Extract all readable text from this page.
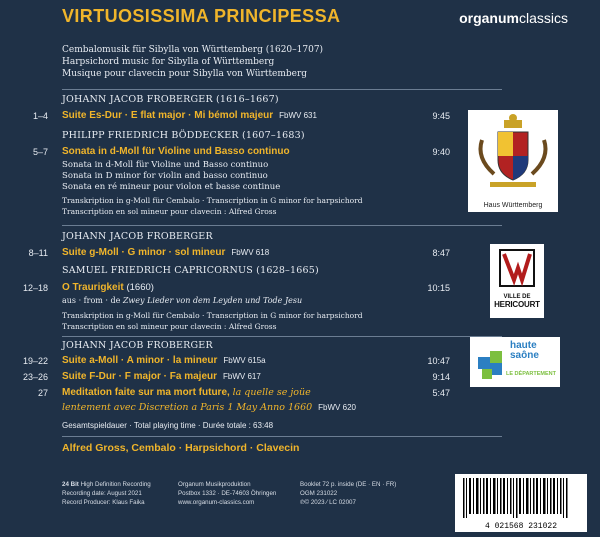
VIRTUOSISSIMA PRINCIPESSA	organumclassics
Cembalomusik für Sibylla von Württemberg (1620–1707)
Harpsichord music for Sibylla of Württemberg
Musique pour clavecin pour Sibylla von Württemberg
JOHANN JACOB FROBERGER (1616–1667)
1–4 Suite Es-Dur · E flat major · Mi bémol majeur FbWV 631	9:45
PHILIPP FRIEDRICH BÖDDECKER (1607–1683)
5–7 Sonata in d-Moll für Violine und Basso continuo	9:40
Sonata in d-Moll für Violine und Basso continuo
Sonata in D minor for violin and basso continuo
Sonata en ré mineur pour violon et basse continue
Transkription in g-Moll für Cembalo · Transcription in G minor for harpsichord
Transcription en sol mineur pour clavecin : Alfred Gross
JOHANN JACOB FROBERGER
8–11 Suite g-Moll · G minor · sol mineur FbWV 618	8:47
SAMUEL FRIEDRICH CAPRICORNUS (1628–1665)
12–18 O Traurigkeit (1660)	10:15
aus · from · de Zwey Lieder von dem Leyden und Tode Jesu
Transkription in g-Moll für Cembalo · Transcription in G minor for harpsichord
Transcription en sol mineur pour clavecin : Alfred Gross
JOHANN JACOB FROBERGER
19–22 Suite a-Moll · A minor · la mineur FbWV 615a	10:47
23–26 Suite F-Dur · F major · Fa majeur FbWV 617	9:14
27 Meditation faite sur ma mort future, la quelle se joüe	5:47
lentement avec Discretion a Paris 1 May Anno 1660 FbWV 620
Gesamtspieldauer · Total playing time · Durée totale : 63:48
Alfred Gross, Cembalo · Harpsichord · Clavecin
24 Bit High Definition Recording
Recording date: August 2021
Record Producer: Klaus Faika
Organum Musikproduktion
Postbox 1332 · DE-74603 Öhringen
www.organum-classics.com
Booklet 72 p. inside (DE · EN · FR)
OGM 231022
℗© 2023 ⁄ LC 02007
Haus Württemberg
VILLE DE
HERICOURT
haute
saône
LE DÉPARTEMENT
4 021568 231022
